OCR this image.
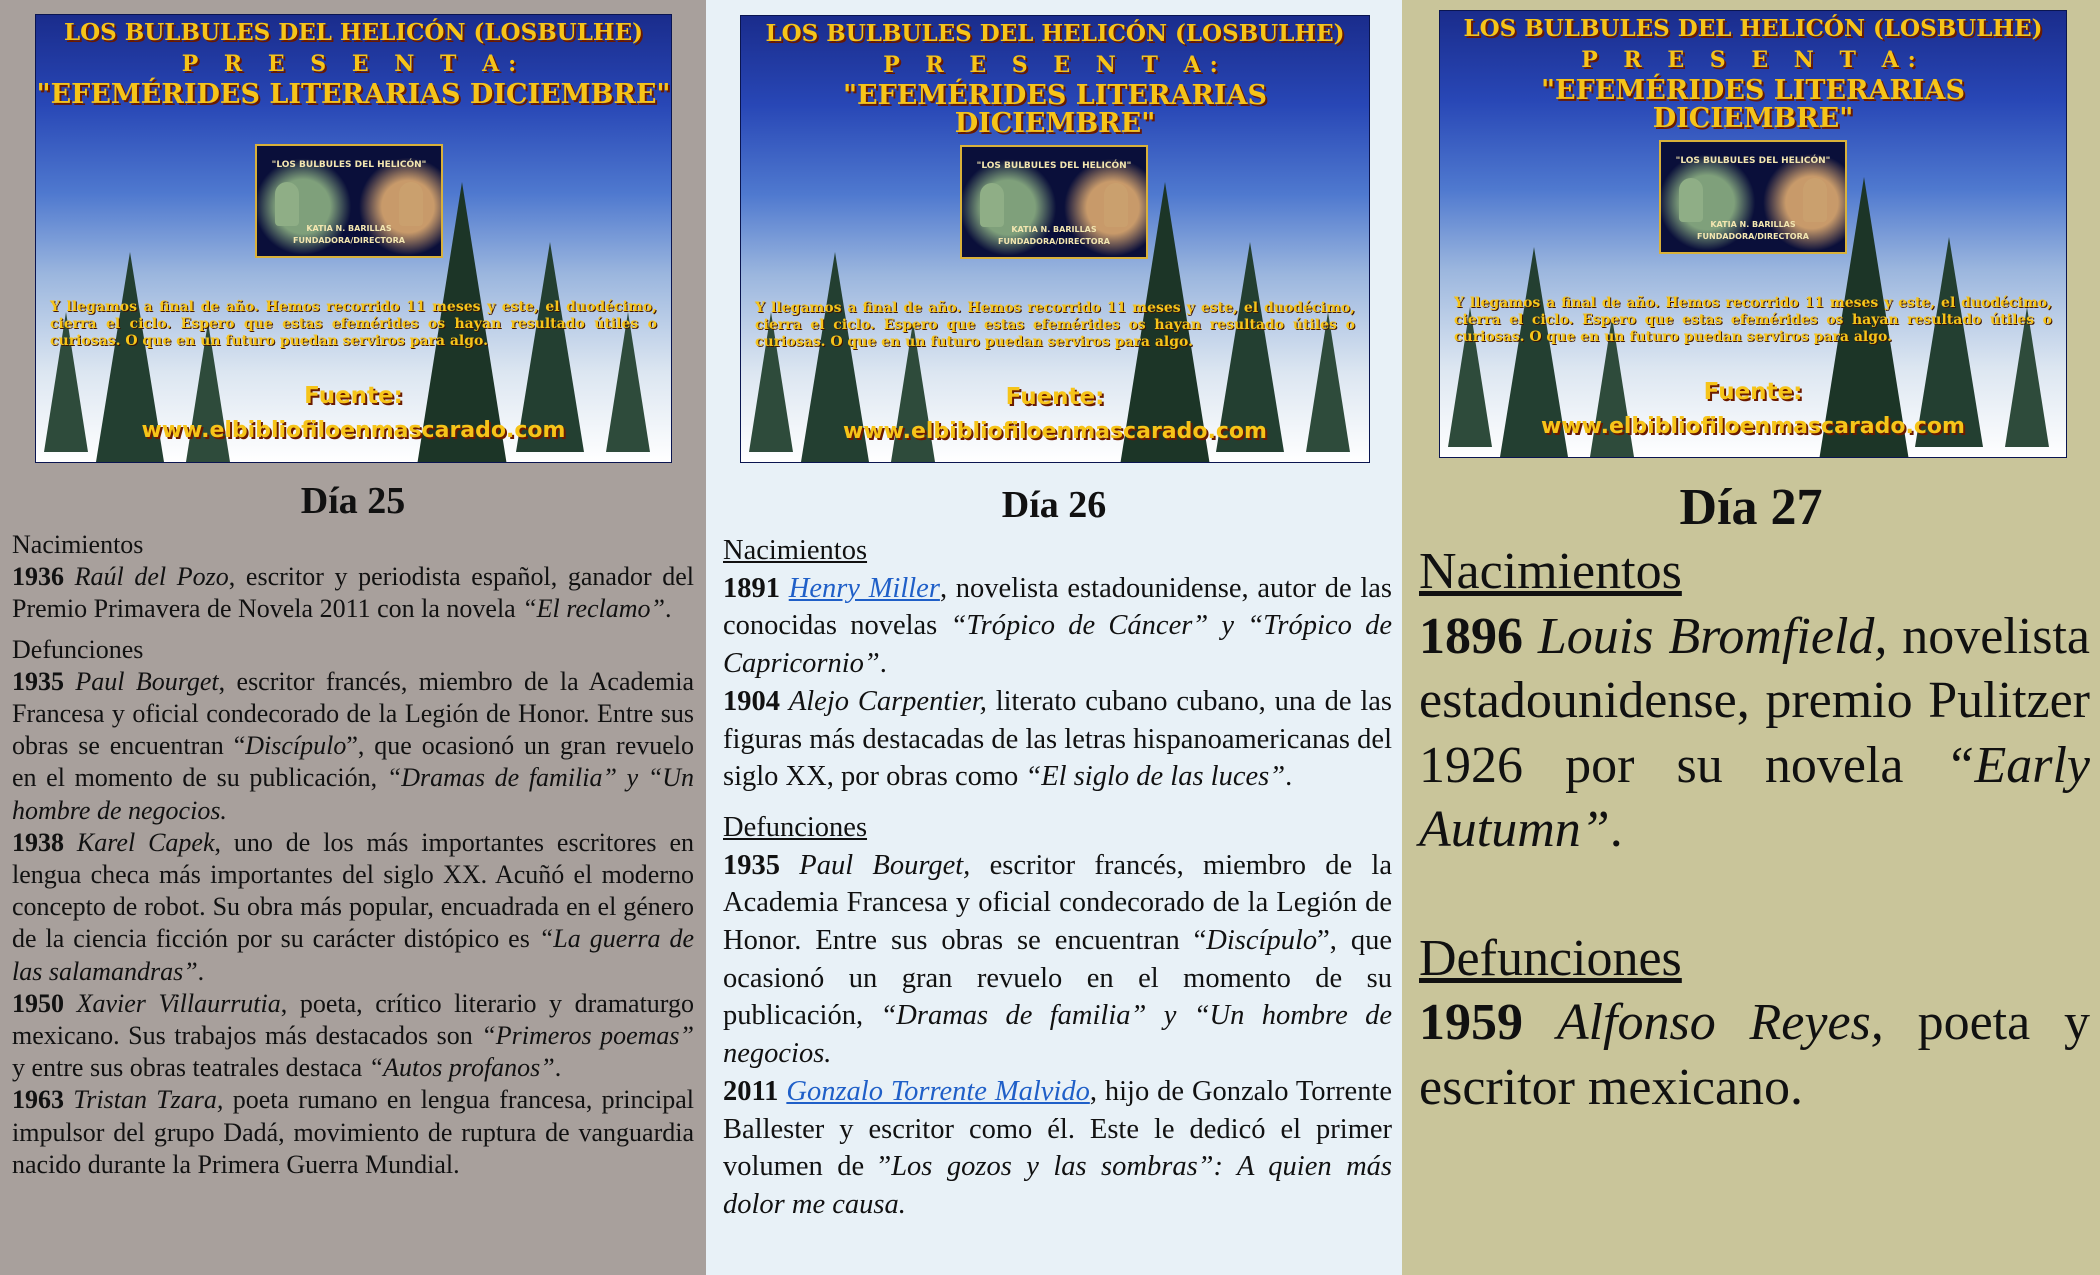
LOS BULBULES DEL HELICÓN (LOSBULHE)
P R E S E N T A:
"EFEMÉRIDES LITERARIAS DICIEMBRE"
"LOS BULBULES DEL HELICÓN"
KATIA N. BARILLAS
FUNDADORA/DIRECTORA
Y llegamos a final de año. Hemos recorrido 11 meses y este, el duodécimo, cierra el ciclo. Espero que estas efemérides os hayan resultado útiles o curiosas. O que en un futuro puedan serviros para algo.
Fuente:
www.elbibliofiloenmascarado.com
Día 25
Nacimientos

1936 Raúl del Pozo, escritor y periodista español, ganador del Premio Primavera de Novela 2011 con la novela “El reclamo”.

Defunciones

1935 Paul Bourget, escritor francés, miembro de la Academia Francesa y oficial condecorado de la Legión de Honor. Entre sus obras se encuentran “Discípulo”, que ocasionó un gran revuelo en el momento de su publicación, “Dramas de familia” y “Un hombre de negocios.

1938 Karel Capek, uno de los más importantes escritores en lengua checa más importantes del siglo XX. Acuñó el moderno concepto de robot. Su obra más popular, encuadrada en el género de la ciencia ficción por su carácter distópico es “La guerra de las salamandras”.

1950 Xavier Villaurrutia, poeta, crítico literario y dramaturgo mexicano. Sus trabajos más destacados son “Primeros poemas” y entre sus obras teatrales destaca “Autos profanos”.

1963 Tristan Tzara, poeta rumano en lengua francesa, principal impulsor del grupo Dadá, movimiento de ruptura de vanguardia nacido durante la Primera Guerra Mundial.

LOS BULBULES DEL HELICÓN (LOSBULHE)
P R E S E N T A:
"EFEMÉRIDES LITERARIAS DICIEMBRE"
"LOS BULBULES DEL HELICÓN"
KATIA N. BARILLAS
FUNDADORA/DIRECTORA
Y llegamos a final de año. Hemos recorrido 11 meses y este, el duodécimo, cierra el ciclo. Espero que estas efemérides os hayan resultado útiles o curiosas. O que en un futuro puedan serviros para algo.
Fuente:
www.elbibliofiloenmascarado.com
Día 26
Nacimientos

1891 Henry Miller, novelista estadounidense, autor de las conocidas novelas “Trópico de Cáncer” y “Trópico de Capricornio”.

1904 Alejo Carpentier, literato cubano cubano, una de las figuras más destacadas de las letras hispanoamericanas del siglo XX, por obras como “El siglo de las luces”.

Defunciones

1935 Paul Bourget, escritor francés, miembro de la Academia Francesa y oficial condecorado de la Legión de Honor. Entre sus obras se encuentran “Discípulo”, que ocasionó un gran revuelo en el momento de su publicación, “Dramas de familia” y “Un hombre de negocios.

2011 Gonzalo Torrente Malvido, hijo de Gonzalo Torrente Ballester y escritor como él. Este le dedicó el primer volumen de ”Los gozos y las sombras”: A quien más dolor me causa.

LOS BULBULES DEL HELICÓN (LOSBULHE)
P R E S E N T A:
"EFEMÉRIDES LITERARIAS DICIEMBRE"
"LOS BULBULES DEL HELICÓN"
KATIA N. BARILLAS
FUNDADORA/DIRECTORA
Y llegamos a final de año. Hemos recorrido 11 meses y este, el duodécimo, cierra el ciclo. Espero que estas efemérides os hayan resultado útiles o curiosas. O que en un futuro puedan serviros para algo.
Fuente:
www.elbibliofiloenmascarado.com
Día 27
Nacimientos

1896 Louis Bromfield, novelista estadounidense, premio Pulitzer 1926 por su novela “Early Autumn”.

Defunciones

1959 Alfonso Reyes, poeta y escritor mexicano.
